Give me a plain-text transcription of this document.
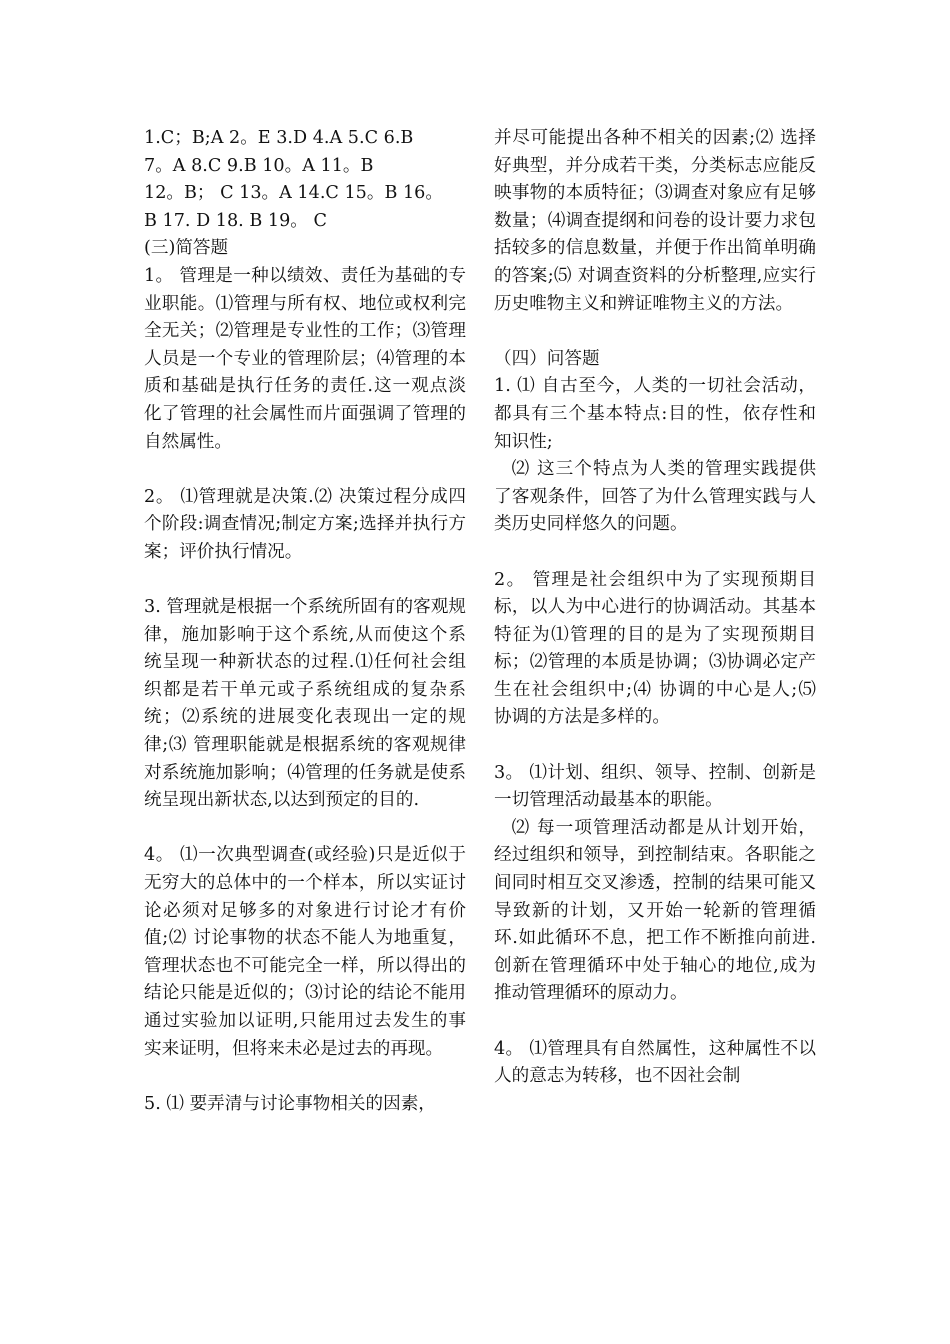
1.C；B;A 2。E 3.D 4.A 5.C 6.B

7。A 8.C 9.B 10。A 11。B

12。B； C 13。A 14.C 15。B 16。

B 17. D 18. B 19。 C

(三)简答题

1。 管理是一种以绩效、责任为基础的专业职能。⑴管理与所有权、地位或权利完全无关；⑵管理是专业性的工作；⑶管理人员是一个专业的管理阶层；⑷管理的本质和基础是执行任务的责任.这一观点淡化了管理的社会属性而片面强调了管理的自然属性。

2。 ⑴管理就是决策.⑵ 决策过程分成四个阶段:调查情况;制定方案;选择并执行方案；评价执行情况。

3. 管理就是根据一个系统所固有的客观规律，施加影响于这个系统,从而使这个系统呈现一种新状态的过程.⑴任何社会组织都是若干单元或子系统组成的复杂系统；⑵系统的进展变化表现出一定的规律;⑶ 管理职能就是根据系统的客观规律对系统施加影响；⑷管理的任务就是使系统呈现出新状态,以达到预定的目的.

4。 ⑴一次典型调查(或经验)只是近似于无穷大的总体中的一个样本，所以实证讨论必须对足够多的对象进行讨论才有价值;⑵ 讨论事物的状态不能人为地重复，管理状态也不可能完全一样，所以得出的结论只能是近似的；⑶讨论的结论不能用通过实验加以证明,只能用过去发生的事实来证明，但将来未必是过去的再现。

5. ⑴ 要弄清与讨论事物相关的因素，

并尽可能提出各种不相关的因素;⑵ 选择好典型，并分成若干类，分类标志应能反映事物的本质特征；⑶调查对象应有足够数量；⑷调查提纲和问卷的设计要力求包括较多的信息数量，并便于作出简单明确的答案;⑸ 对调查资料的分析整理,应实行历史唯物主义和辨证唯物主义的方法。

（四）问答题

1. ⑴ 自古至今，人类的一切社会活动，都具有三个基本特点:目的性，依存性和知识性;

⑵ 这三个特点为人类的管理实践提供了客观条件，回答了为什么管理实践与人类历史同样悠久的问题。

2。 管理是社会组织中为了实现预期目标，以人为中心进行的协调活动。其基本特征为⑴管理的目的是为了实现预期目标；⑵管理的本质是协调；⑶协调必定产生在社会组织中;⑷ 协调的中心是人;⑸ 协调的方法是多样的。

3。 ⑴计划、组织、领导、控制、创新是一切管理活动最基本的职能。

⑵ 每一项管理活动都是从计划开始，经过组织和领导，到控制结束。各职能之间同时相互交叉渗透，控制的结果可能又导致新的计划，又开始一轮新的管理循环.如此循环不息，把工作不断推向前进.创新在管理循环中处于轴心的地位,成为推动管理循环的原动力。

4。 ⑴管理具有自然属性，这种属性不以人的意志为转移，也不因社会制
